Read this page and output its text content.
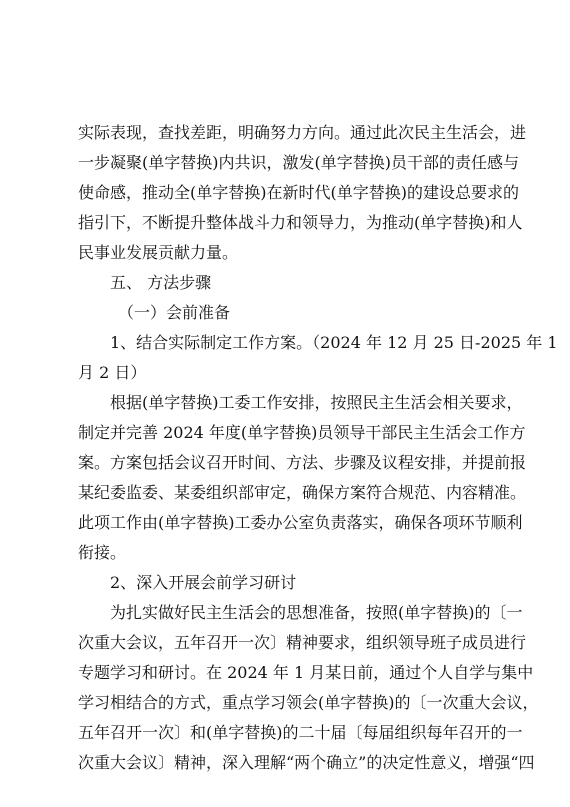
实际表现，查找差距，明确努力方向。通过此次民主生活会，进
一步凝聚(单字替换)内共识，激发(单字替换)员干部的责任感与
使命感，推动全(单字替换)在新时代(单字替换)的建设总要求的
指引下，不断提升整体战斗力和领导力，为推动(单字替换)和人
民事业发展贡献力量。
五、 方法步骤
（一）会前准备
1、结合实际制定工作方案。（2024 年 12 月 25 日-2025 年 1
月 2 日）
根据(单字替换)工委工作安排，按照民主生活会相关要求，
制定并完善 2024 年度(单字替换)员领导干部民主生活会工作方
案。方案包括会议召开时间、方法、步骤及议程安排，并提前报
某纪委监委、某委组织部审定，确保方案符合规范、内容精准。
此项工作由(单字替换)工委办公室负责落实，确保各项环节顺利
衔接。
2、深入开展会前学习研讨
为扎实做好民主生活会的思想准备，按照(单字替换)的〔一
次重大会议，五年召开一次〕精神要求，组织领导班子成员进行
专题学习和研讨。在 2024 年 1 月某日前，通过个人自学与集中
学习相结合的方式，重点学习领会(单字替换)的〔一次重大会议，
五年召开一次〕和(单字替换)的二十届〔每届组织每年召开的一
次重大会议〕精神，深入理解“两个确立”的决定性意义，增强“四
